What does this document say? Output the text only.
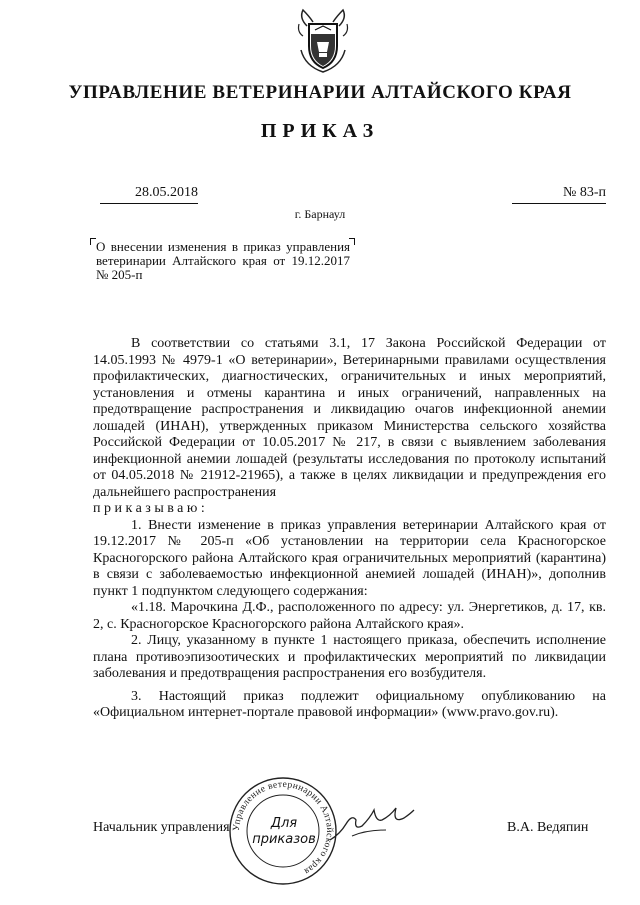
УПРАВЛЕНИЕ ВЕТЕРИНАРИИ АЛТАЙСКОГО КРАЯ
ПРИКАЗ
28.05.2018	№ 83-п
г. Барнаул
О внесении изменения в приказ управления ветеринарии Алтайского края от 19.12.2017 № 205-п

В соответствии со статьями 3.1, 17 Закона Российской Федерации от 14.05.1993 № 4979-1 «О ветеринарии», Ветеринарными правилами осуществления профилактических, диагностических, ограничительных и иных мероприятий, установления и отмены карантина и иных ограничений, направленных на предотвращение распространения и ликвидацию очагов инфекционной анемии лошадей (ИНАН), утвержденных приказом Министерства сельского хозяйства Российской Федерации от 10.05.2017 № 217, в связи с выявлением заболевания инфекционной анемии лошадей (результаты исследования по протоколу испытаний от 04.05.2018 № 21912-21965), а также в целях ликвидации и предупреждения его дальнейшего распространения

приказываю:

1. Внести изменение в приказ управления ветеринарии Алтайского края от 19.12.2017 № 205-п «Об установлении на территории села Красногорское Красногорского района Алтайского края ограничительных мероприятий (карантина) в связи с заболеваемостью инфекционной анемией лошадей (ИНАН)», дополнив пункт 1 подпунктом следующего содержания:

«1.18. Марочкина Д.Ф., расположенного по адресу: ул. Энергетиков, д. 17, кв. 2, с. Красногорское Красногорского района Алтайского края».

2. Лицу, указанному в пункте 1 настоящего приказа, обеспечить исполнение плана противоэпизоотических и профилактических мероприятий по ликвидации заболевания и предотвращения распространения его возбудителя.

3. Настоящий приказ подлежит официальному опубликованию на «Официальном интернет-портале правовой информации» (www.pravo.gov.ru).

Начальник управления	В.А. Ведяпин
Управление ветеринарии Алтайского края
Для
приказов
